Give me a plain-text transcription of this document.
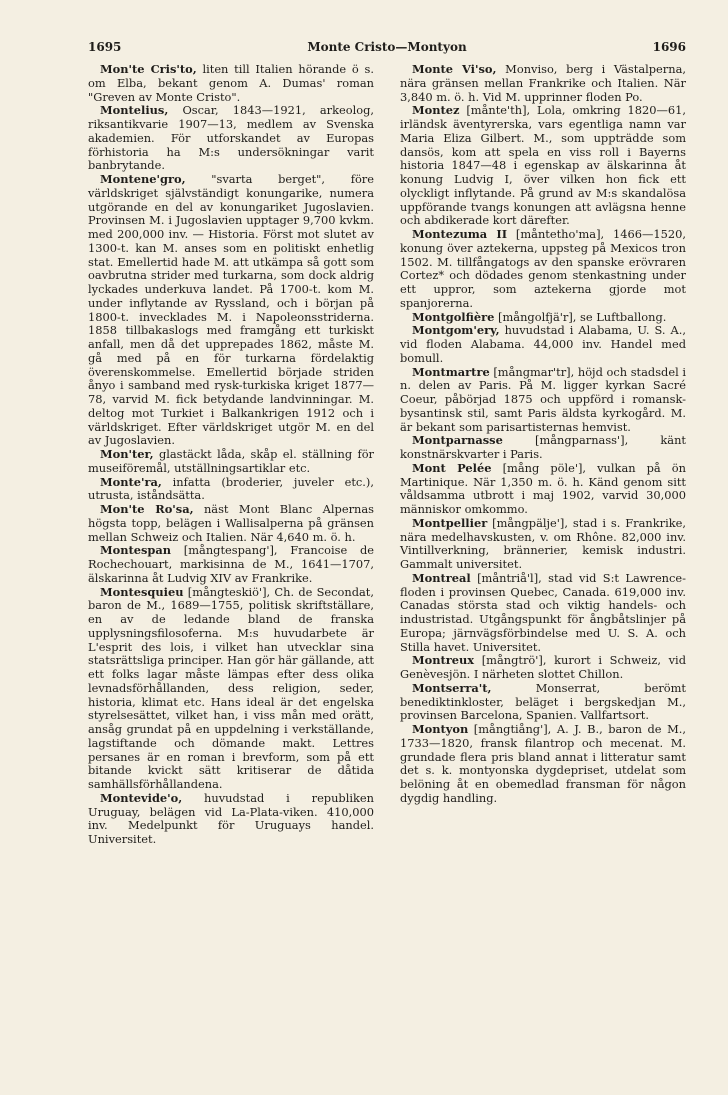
1695	Monte Cristo—Montyon	1696

Mon'te Cris'to, liten till Italien hörande ö s. om Elba, bekant genom A. Dumas' roman "Greven av Monte Cristo".

Montelius, Oscar, 1843—1921, arkeolog, riksantikvarie 1907—13, medlem av Svenska akademien. För utforskandet av Europas förhistoria ha M:s undersökningar varit banbrytande.

Montene'gro, "svarta berget", före världskriget självständigt konungarike, numera utgörande en del av konungariket Jugoslavien. Provinsen M. i Jugoslavien upptager 9,700 kvkm. med 200,000 inv. — Historia. Först mot slutet av 1300-t. kan M. anses som en politiskt enhetlig stat. Emellertid hade M. att utkämpa så gott som oavbrutna strider med turkarna, som dock aldrig lyckades underkuva landet. På 1700-t. kom M. under inflytande av Ryssland, och i början på 1800-t. invecklades M. i Napoleonsstriderna. 1858 tillbakaslogs med framgång ett turkiskt anfall, men då det upprepades 1862, måste M. gå med på en för turkarna fördelaktig överenskommelse. Emellertid började striden ånyo i samband med rysk-turkiska kriget 1877—78, varvid M. fick betydande landvinningar. M. deltog mot Turkiet i Balkankrigen 1912 och i världskriget. Efter världskriget utgör M. en del av Jugoslavien.

Mon'ter, glastäckt låda, skåp el. ställning för museiföremål, utställningsartiklar etc.

Monte'ra, infatta (broderier, juveler etc.), utrusta, iståndsätta.

Mon'te Ro'sa, näst Mont Blanc Alpernas högsta topp, belägen i Wallisalperna på gränsen mellan Schweiz och Italien. När 4,640 m. ö. h.

Montespan [mångtespang'], Francoise de Rochechouart, markisinna de M., 1641—1707, älskarinna åt Ludvig XIV av Frankrike.

Montesquieu [mångteskiö'], Ch. de Secondat, baron de M., 1689—1755, politisk skriftställare, en av de ledande bland de franska upplysningsfilosoferna. M:s huvudarbete är L'esprit des lois, i vilket han utvecklar sina statsrättsliga principer. Han gör här gällande, att ett folks lagar måste lämpas efter dess olika levnadsförhållanden, dess religion, seder, historia, klimat etc. Hans ideal är det engelska styrelsesättet, vilket han, i viss mån med orätt, ansåg grundat på en uppdelning i verkställande, lagstiftande och dömande makt. Lettres persanes är en roman i brevform, som på ett bitande kvickt sätt kritiserar de dåtida samhällsförhållandena.

Montevide'o, huvudstad i republiken Uruguay, belägen vid La-Plata-viken. 410,000 inv. Medelpunkt för Uruguays handel. Universitet.

Monte Vi'so, Monviso, berg i Västalperna, nära gränsen mellan Frankrike och Italien. När 3,840 m. ö. h. Vid M. upprinner floden Po.

Montez [månte'th], Lola, omkring 1820—61, irländsk äventyrerska, vars egentliga namn var Maria Eliza Gilbert. M., som uppträdde som dansös, kom att spela en viss roll i Bayerns historia 1847—48 i egenskap av älskarinna åt konung Ludvig I, över vilken hon fick ett olyckligt inflytande. På grund av M:s skandalösa uppförande tvangs konungen att avlägsna henne och abdikerade kort därefter.

Montezuma II [måntetho'ma], 1466—1520, konung över aztekerna, uppsteg på Mexicos tron 1502. M. tillfångatogs av den spanske erövraren Cortez* och dödades genom stenkastning under ett uppror, som aztekerna gjorde mot spanjorerna.

Montgolfière [mångolfjä'r], se Luftballong.

Montgom'ery, huvudstad i Alabama, U. S. A., vid floden Alabama. 44,000 inv. Handel med bomull.

Montmartre [mångmar'tr], höjd och stadsdel i n. delen av Paris. På M. ligger kyrkan Sacré Coeur, påbörjad 1875 och uppförd i romansk-bysantinsk stil, samt Paris äldsta kyrkogård. M. är bekant som parisartisternas hemvist.

Montparnasse [mångparnass'], känt konstnärskvarter i Paris.

Mont Pelée [mång pöle'], vulkan på ön Martinique. När 1,350 m. ö. h. Känd genom sitt våldsamma utbrott i maj 1902, varvid 30,000 människor omkommo.

Montpellier [mångpälje'], stad i s. Frankrike, nära medelhavskusten, v. om Rhône. 82,000 inv. Vintillverkning, brännerier, kemisk industri. Gammalt universitet.

Montreal [måntriå'l], stad vid S:t Lawrence-floden i provinsen Quebec, Canada. 619,000 inv. Canadas största stad och viktig handels- och industristad. Utgångspunkt för ångbåtslinjer på Europa; järnvägsförbindelse med U. S. A. och Stilla havet. Universitet.

Montreux [mångtrö'], kurort i Schweiz, vid Genèvesjön. I närheten slottet Chillon.

Montserra't, Monserrat, berömt benediktinkloster, beläget i bergskedjan M., provinsen Barcelona, Spanien. Vallfartsort.

Montyon [mångtiång'], A. J. B., baron de M., 1733—1820, fransk filantrop och mecenat. M. grundade flera pris bland annat i litteratur samt det s. k. montyonska dygdepriset, utdelat som belöning åt en obemedlad fransman för någon dygdig handling.
